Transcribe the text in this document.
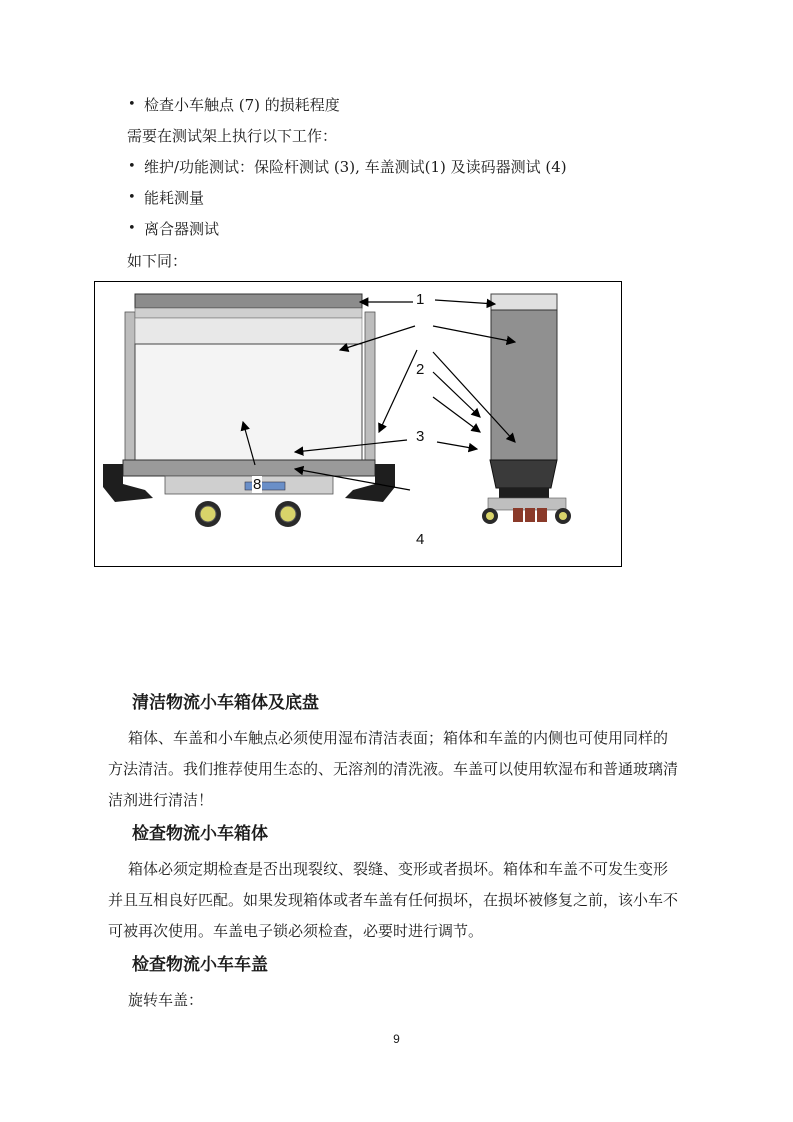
• 检查小车触点 (7) 的损耗程度
需要在测试架上执行以下工作：
• 维护/功能测试：保险杆测试 (3), 车盖测试(1) 及读码器测试 (4)
• 能耗测量
• 离合器测试
如下同：
1
2
3
4
8
清洁物流小车箱体及底盘
箱体、车盖和小车触点必须使用湿布清洁表面；箱体和车盖的内侧也可使用同样的
方法清洁。我们推荐使用生态的、无溶剂的清洗液。车盖可以使用软湿布和普通玻璃清
洁剂进行清洁！
检查物流小车箱体
箱体必须定期检查是否出现裂纹、裂缝、变形或者损坏。箱体和车盖不可发生变形
并且互相良好匹配。如果发现箱体或者车盖有任何损坏，在损坏被修复之前，该小车不
可被再次使用。车盖电子锁必须检查，必要时进行调节。
检查物流小车车盖
旋转车盖：
9
